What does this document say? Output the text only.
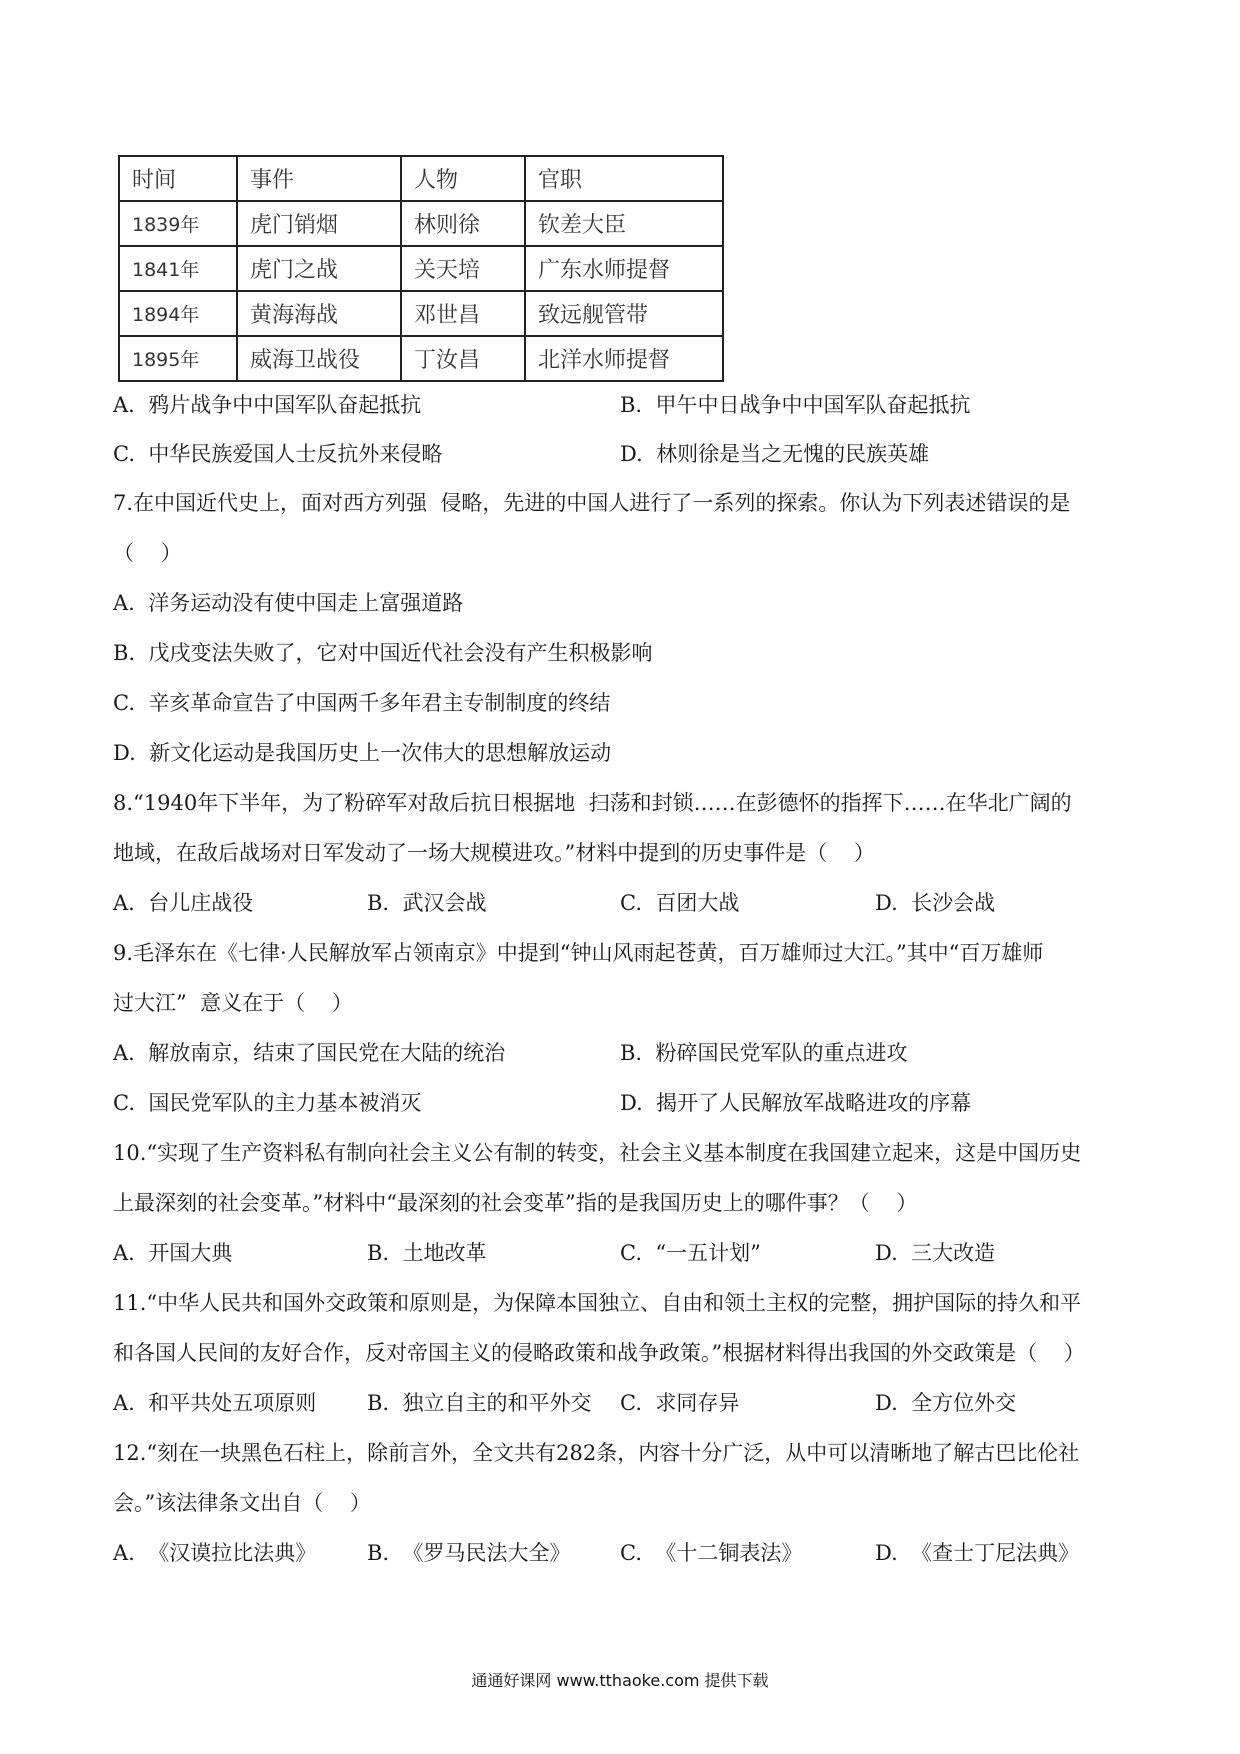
时间	事件	人物	官职
1839年	虎门销烟	林则徐	钦差大臣
1841年	虎门之战	关天培	广东水师提督
1894年	黄海海战	邓世昌	致远舰管带
1895年	威海卫战役	丁汝昌	北洋水师提督
A.  鸦片战争中中国军队奋起抵抗	B.  甲午中日战争中中国军队奋起抵抗
C.  中华民族爱国人士反抗外来侵略	D.  林则徐是当之无愧的民族英雄
7.在中国近代史上，面对西方列强  侵略，先进的中国人进行了一系列的探索。你认为下列表述错误的是
（    ）
A.  洋务运动没有使中国走上富强道路
B.  戊戌变法失败了，它对中国近代社会没有产生积极影响
C.  辛亥革命宣告了中国两千多年君主专制制度的终结
D.  新文化运动是我国历史上一次伟大的思想解放运动
8.“1940年下半年，为了粉碎军对敌后抗日根据地  扫荡和封锁……在彭德怀的指挥下……在华北广阔的
地域，在敌后战场对日军发动了一场大规模进攻。”材料中提到的历史事件是（    ）
A.  台儿庄战役	B.  武汉会战	C.  百团大战	D.  长沙会战
9.毛泽东在《七律·人民解放军占领南京》中提到“钟山风雨起苍黄，百万雄师过大江。”其中“百万雄师
过大江”  意义在于（    ）
A.  解放南京，结束了国民党在大陆的统治	B.  粉碎国民党军队的重点进攻
C.  国民党军队的主力基本被消灭	D.  揭开了人民解放军战略进攻的序幕
10.“实现了生产资料私有制向社会主义公有制的转变，社会主义基本制度在我国建立起来，这是中国历史
上最深刻的社会变革。”材料中“最深刻的社会变革”指的是我国历史上的哪件事？（    ）
A.  开国大典	B.  土地改革	C.  “一五计划”	D.  三大改造
11.“中华人民共和国外交政策和原则是，为保障本国独立、自由和领土主权的完整，拥护国际的持久和平
和各国人民间的友好合作，反对帝国主义的侵略政策和战争政策。”根据材料得出我国的外交政策是（    ）
A.  和平共处五项原则 B.  独立自主的和平外交 C.  求同存异	D.  全方位外交
12.“刻在一块黑色石柱上，除前言外，全文共有282条，内容十分广泛，从中可以清晰地了解古巴比伦社
会。”该法律条文出自（    ）
A.  《汉谟拉比法典》 B.  《罗马民法大全》 C.  《十二铜表法》	D.  《查士丁尼法典》
通通好课网 www.tthaoke.com 提供下载
